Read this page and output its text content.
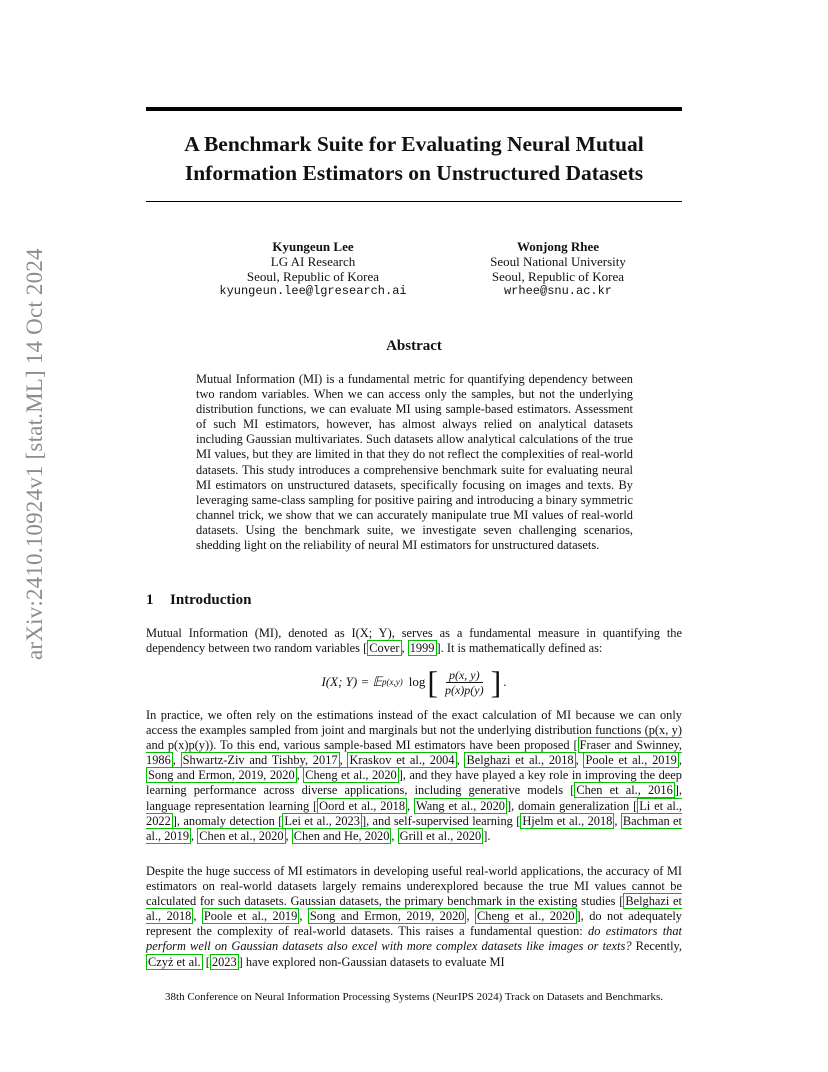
arXiv:2410.10924v1 [stat.ML] 14 Oct 2024
A Benchmark Suite for Evaluating Neural Mutual
Information Estimators on Unstructured Datasets
Kyungeun Lee
LG AI Research
Seoul, Republic of Korea
kyungeun.lee@lgresearch.ai
Wonjong Rhee
Seoul National University
Seoul, Republic of Korea
wrhee@snu.ac.kr
Abstract
Mutual Information (MI) is a fundamental metric for quantifying dependency between two random variables. When we can access only the samples, but not the underlying distribution functions, we can evaluate MI using sample-based estimators. Assessment of such MI estimators, however, has almost always relied on analytical datasets including Gaussian multivariates. Such datasets allow analytical calculations of the true MI values, but they are limited in that they do not reflect the complexities of real-world datasets. This study introduces a comprehensive benchmark suite for evaluating neural MI estimators on unstructured datasets, specifically focusing on images and texts. By leveraging same-class sampling for positive pairing and introducing a binary symmetric channel trick, we show that we can accurately manipulate true MI values of real-world datasets. Using the benchmark suite, we investigate seven challenging scenarios, shedding light on the reliability of neural MI estimators for unstructured datasets.
1 Introduction
Mutual Information (MI), denoted as I(X; Y), serves as a fundamental measure in quantifying the dependency between two random variables [ Cover , 1999 ]. It is mathematically defined as:
I(X; Y) = 𝔼 p(x,y) log [ $\frac{p(x, y)}{p(x)p(y)}$ ] .
In practice, we often rely on the estimations instead of the exact calculation of MI because we can only access the examples sampled from joint and marginals but not the underlying distribution functions (p(x, y) and p(x)p(y)). To this end, various sample-based MI estimators have been proposed [ Fraser and Swinney, 1986 , Shwartz-Ziv and Tishby, 2017 , Kraskov et al., 2004 , Belghazi et al., 2018 , Poole et al., 2019 , Song and Ermon, 2019, 2020 , Cheng et al., 2020 ], and they have played a key role in improving the deep learning performance across diverse applications, including generative models [ Chen et al., 2016 ], language representation learning [ Oord et al., 2018 , Wang et al., 2020 ], domain generalization [ Li et al., 2022 ], anomaly detection [ Lei et al., 2023 ], and self-supervised learning [ Hjelm et al., 2018 , Bachman et al., 2019 , Chen et al., 2020 , Chen and He, 2020 , Grill et al., 2020 ].
Despite the huge success of MI estimators in developing useful real-world applications, the accuracy of MI estimators on real-world datasets largely remains underexplored because the true MI values cannot be calculated for such datasets. Gaussian datasets, the primary benchmark in the existing studies [ Belghazi et al., 2018 , Poole et al., 2019 , Song and Ermon, 2019, 2020 , Cheng et al., 2020 ], do not adequately represent the complexity of real-world datasets. This raises a fundamental question: do estimators that perform well on Gaussian datasets also excel with more complex datasets like images or texts? Recently, Czyż et al. [ 2023 ] have explored non-Gaussian datasets to evaluate MI
38th Conference on Neural Information Processing Systems (NeurIPS 2024) Track on Datasets and Benchmarks.
